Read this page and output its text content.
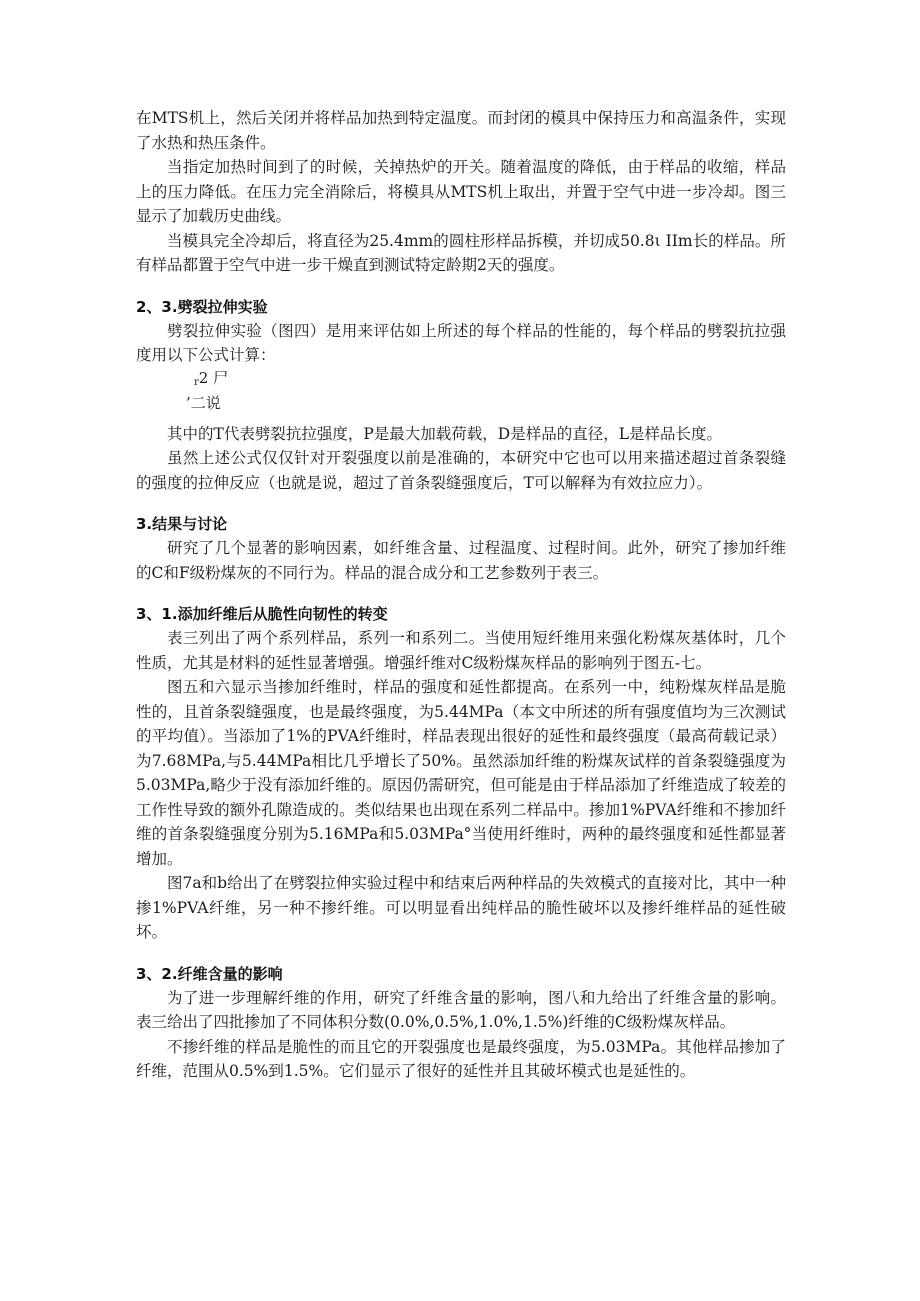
在MTS机上，然后关闭并将样品加热到特定温度。而封闭的模具中保持压力和高温条件，实现了水热和热压条件。

当指定加热时间到了的时候，关掉热炉的开关。随着温度的降低，由于样品的收缩，样品上的压力降低。在压力完全消除后，将模具从MTS机上取出，并置于空气中进一步冷却。图三显示了加载历史曲线。

当模具完全冷却后，将直径为25.4mm的圆柱形样品拆模，并切成50.8ι IIm长的样品。所有样品都置于空气中进一步干燥直到测试特定龄期2天的强度。

2、3.劈裂拉伸实验

劈裂拉伸实验（图四）是用来评估如上所述的每个样品的性能的，每个样品的劈裂抗拉强度用以下公式计算：

r2 尸
’二说

其中的T代表劈裂抗拉强度，P是最大加载荷载，D是样品的直径，L是样品长度。

虽然上述公式仅仅针对开裂强度以前是准确的，本研究中它也可以用来描述超过首条裂缝的强度的拉伸反应（也就是说，超过了首条裂缝强度后，T可以解释为有效拉应力）。

3.结果与讨论

研究了几个显著的影响因素，如纤维含量、过程温度、过程时间。此外，研究了掺加纤维的C和F级粉煤灰的不同行为。样品的混合成分和工艺参数列于表三。

3、1.添加纤维后从脆性向韧性的转变

表三列出了两个系列样品，系列一和系列二。当使用短纤维用来强化粉煤灰基体时，几个性质，尤其是材料的延性显著增强。增强纤维对C级粉煤灰样品的影响列于图五-七。

图五和六显示当掺加纤维时，样品的强度和延性都提高。在系列一中，纯粉煤灰样品是脆性的，且首条裂缝强度，也是最终强度，为5.44MPa（本文中所述的所有强度值均为三次测试的平均值）。当添加了1%的PVA纤维时，样品表现出很好的延性和最终强度（最高荷载记录）为7.68MPa,与5.44MPa相比几乎增长了50%。虽然添加纤维的粉煤灰试样的首条裂缝强度为5.03MPa,略少于没有添加纤维的。原因仍需研究，但可能是由于样品添加了纤维造成了较差的工作性导致的额外孔隙造成的。类似结果也出现在系列二样品中。掺加1%PVA纤维和不掺加纤维的首条裂缝强度分别为5.16MPa和5.03MPa°当使用纤维时，两种的最终强度和延性都显著增加。

图7a和b给出了在劈裂拉伸实验过程中和结束后两种样品的失效模式的直接对比，其中一种掺1%PVA纤维，另一种不掺纤维。可以明显看出纯样品的脆性破坏以及掺纤维样品的延性破坏。

3、2.纤维含量的影响

为了进一步理解纤维的作用，研究了纤维含量的影响，图八和九给出了纤维含量的影响。表三给出了四批掺加了不同体积分数(0.0%,0.5%,1.0%,1.5%)纤维的C级粉煤灰样品。

不掺纤维的样品是脆性的而且它的开裂强度也是最终强度，为5.03MPa。其他样品掺加了纤维，范围从0.5%到1.5%。它们显示了很好的延性并且其破坏模式也是延性的。
